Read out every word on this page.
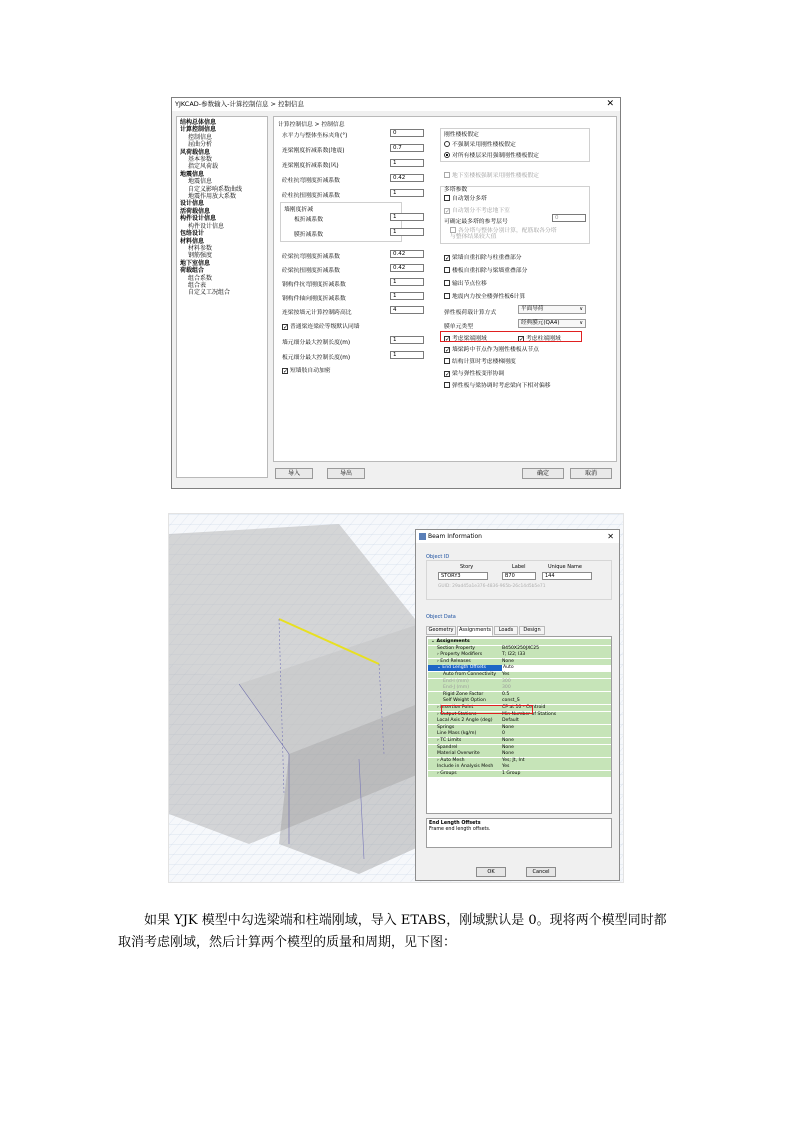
YJKCAD-参数输入-计算控制信息 > 控制信息	✕
结构总体信息
计算控制信息
控制信息
屈曲分析
风荷载信息
基本参数
指定风荷载
地震信息
地震信息
自定义影响系数曲线
地震作用放大系数
设计信息
活荷载信息
构件设计信息
构件设计信息
包络设计
材料信息
材料参数
钢筋强度
地下室信息
荷载组合
组合系数
组合表
自定义工况组合
计算控制信息 > 控制信息
水平力与整体坐标夹角(°)	0
连梁刚度折减系数(地震)	0.7
连梁刚度折减系数(风)	1
砼柱抗弯刚度折减系数	0.42
砼柱抗扭刚度折减系数	1
墙刚度折减
板折减系数	1
膜折减系数	1
砼梁抗弯刚度折减系数	0.42
砼梁抗扭刚度折减系数	0.42
钢构件抗弯刚度折减系数	1
钢构件轴向刚度折减系数	1
连梁按墙元计算控制跨高比	4
✓ 普通梁连梁砼等级默认同墙
墙元细分最大控制长度(m)	1
板元细分最大控制长度(m)	1
✓ 短墙肢自动加密
刚性楼板假定
不强制采用刚性楼板假定
对所有楼层采用强制刚性楼板假定
地下室楼板强制采用刚性楼板假定
多塔参数
自动划分多塔
✓ 自动划分不考虑地下室
可确定最多塔的参考层号
0
各分塔与整体分别计算，配筋取各分塔与整体结果较大值
✓ 梁墙自重扣除与柱重叠部分
楼板自重扣除与梁墙重叠部分
输出节点位移
地震内力按全楼弹性板6计算
弹性板荷载计算方式
平面导荷 ∨
膜单元类型
经典膜元(QA4) ∨
✓ 考虑梁端刚域	✓ 考虑柱端刚域
✓ 墙梁跨中节点作为刚性楼板从节点
结构计算时考虑楼梯刚度
✓ 梁与弹性板变形协调
弹性板与梁协调时考虑梁向下相对偏移
导入	导出	确定	取消
Beam Information	✕
Object ID
Story	Label	Unique Name
STORY3	B70	144
GUID: 29ad45a1e376-4836-965b-26c14d5b5e71
Object Data
Geometry	Assignments	Loads	Design
⌄ Assignments
Section Property	B450X250JXC25
› Property Modifiers	T; I22; I33
› End Releases	None
⌄ End Length Offsets	Auto
Auto from Connectivity Yes
End-I (mm)	300
End-J (mm)	300
Rigid Zone Factor	0.5
Self Weight Option	const_S
› Insertion Point	CP at 10 - Centroid
› Output Stations	Min Number of Stations
Local Axis 2 Angle (deg) Default
Springs	None
Line Mass (kg/m)	0
› TC Limits	None
Spandrel	None
Material Overwrite	None
› Auto Mesh	Yes; Jt, Int
Include in Analysis Mesh Yes
› Groups	1 Group
End Length Offsets
Frame end length offsets.
OK	Cancel

如果 YJK 模型中勾选梁端和柱端刚域，导入 ETABS，刚域默认是 0。现将两个模型同时都取消考虑刚域，然后计算两个模型的质量和周期，见下图：
